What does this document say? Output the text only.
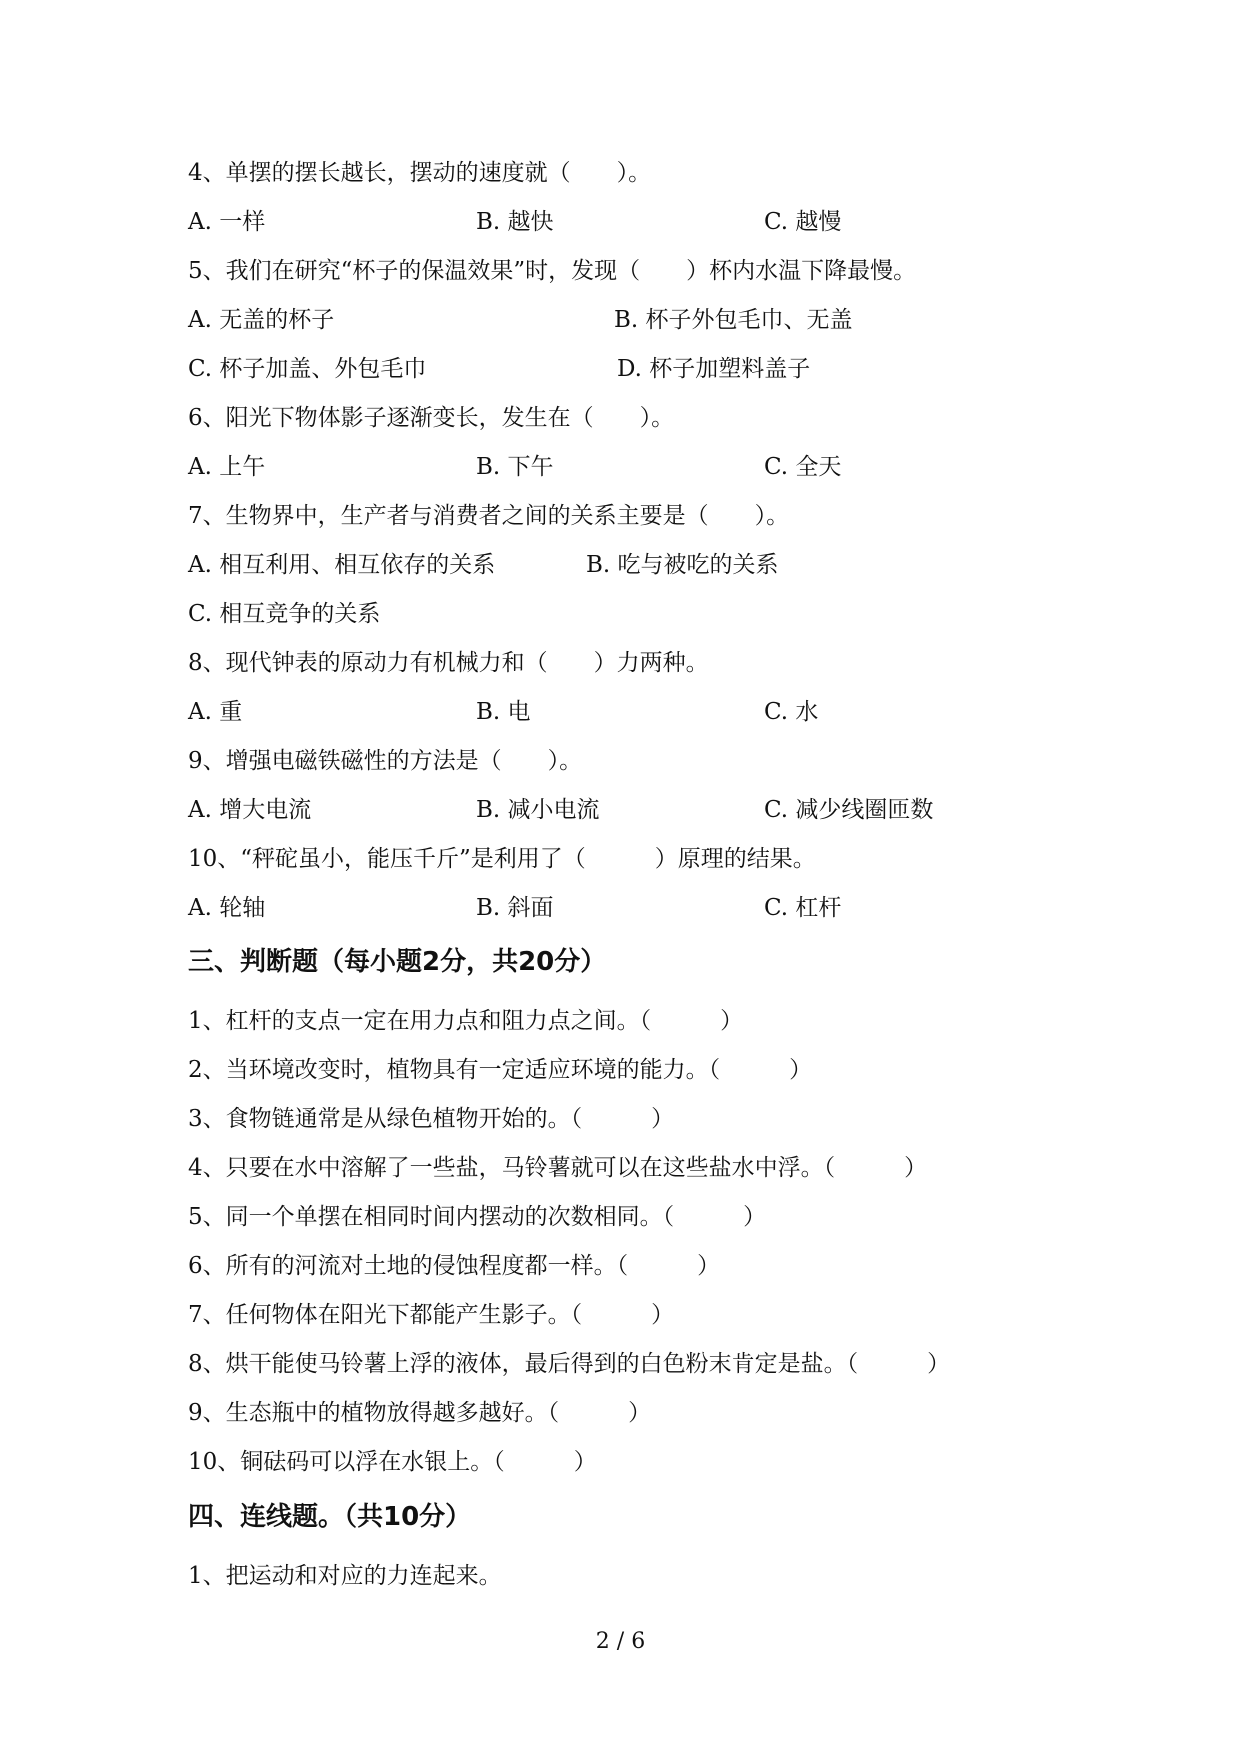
4、单摆的摆长越长，摆动的速度就（　　）。
A. 一样	B. 越快	C. 越慢
5、我们在研究“杯子的保温效果”时，发现（　　）杯内水温下降最慢。
A. 无盖的杯子	B. 杯子外包毛巾、无盖
C. 杯子加盖、外包毛巾	D. 杯子加塑料盖子
6、阳光下物体影子逐渐变长，发生在（　　）。
A. 上午	B. 下午	C. 全天
7、生物界中，生产者与消费者之间的关系主要是（　　）。
A. 相互利用、相互依存的关系	B. 吃与被吃的关系
C. 相互竞争的关系
8、现代钟表的原动力有机械力和（　　）力两种。
A. 重	B. 电	C. 水
9、增强电磁铁磁性的方法是（　　）。
A. 增大电流	B. 减小电流	C. 减少线圈匝数
10、“秤砣虽小，能压千斤”是利用了（　　　）原理的结果。
A. 轮轴	B. 斜面	C. 杠杆
三、判断题（每小题2分，共20分）
1、杠杆的支点一定在用力点和阻力点之间。（　　　）
2、当环境改变时，植物具有一定适应环境的能力。（　　　）
3、食物链通常是从绿色植物开始的。（　　　）
4、只要在水中溶解了一些盐，马铃薯就可以在这些盐水中浮。（　　　）
5、同一个单摆在相同时间内摆动的次数相同。（　　　）
6、所有的河流对土地的侵蚀程度都一样。（　　　）
7、任何物体在阳光下都能产生影子。（　　　）
8、烘干能使马铃薯上浮的液体，最后得到的白色粉末肯定是盐。（　　　）
9、生态瓶中的植物放得越多越好。（　　　）
10、铜砝码可以浮在水银上。（　　　）
四、连线题。（共10分）
1、把运动和对应的力连起来。
2 / 6
